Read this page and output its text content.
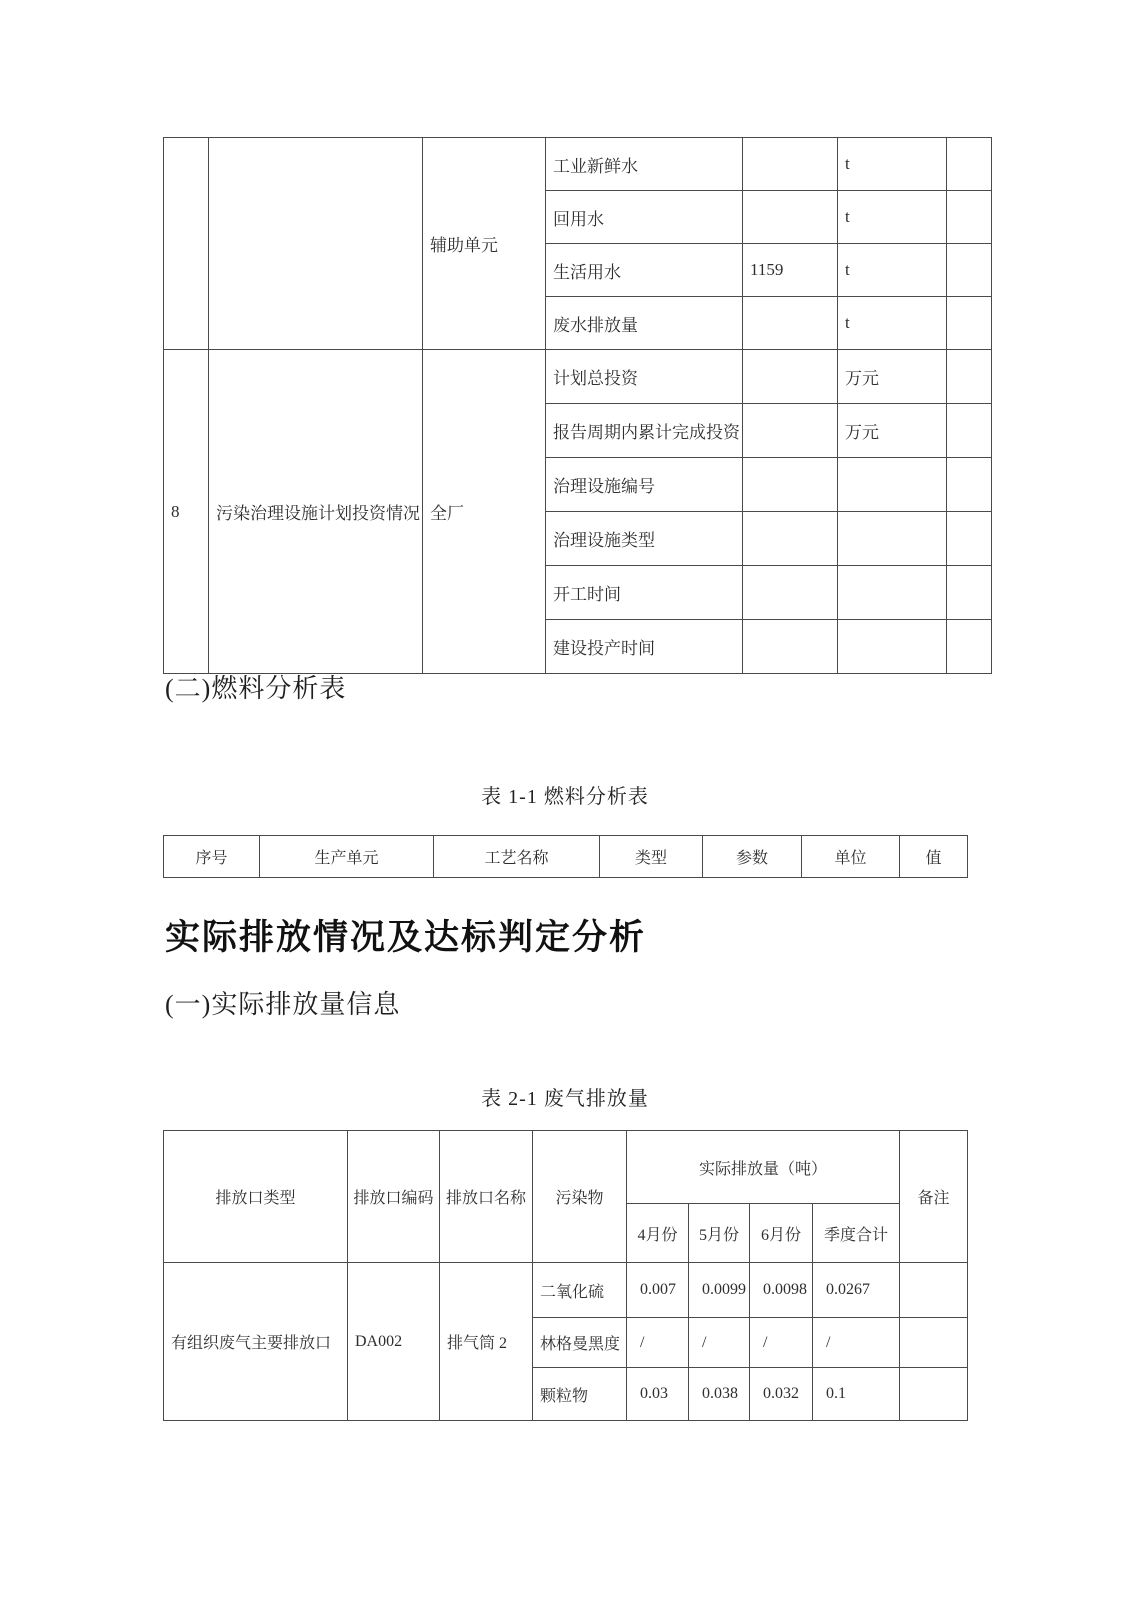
		辅助单元	工业新鲜水		t	
			回用水		t	
			生活用水	1159	t	
			废水排放量		t	
8	污染治理设施计划投资情况	全厂	计划总投资		万元	
			报告周期内累计完成投资		万元	
			治理设施编号			
			治理设施类型			
			开工时间			
			建设投产时间			
(二)燃料分析表
表 1-1 燃料分析表
序号	生产单元	工艺名称	类型	参数	单位	值
实际排放情况及达标判定分析
(一)实际排放量信息
表 2-1 废气排放量
排放口类型	排放口编码	排放口名称	污染物	实际排放量（吨）				备注
				4月份	5月份	6月份	季度合计	
有组织废气主要排放口	DA002	排气筒 2	二氧化硫	0.007	0.0099	0.0098	0.0267	
			林格曼黑度	/	/	/	/	
			颗粒物	0.03	0.038	0.032	0.1	
